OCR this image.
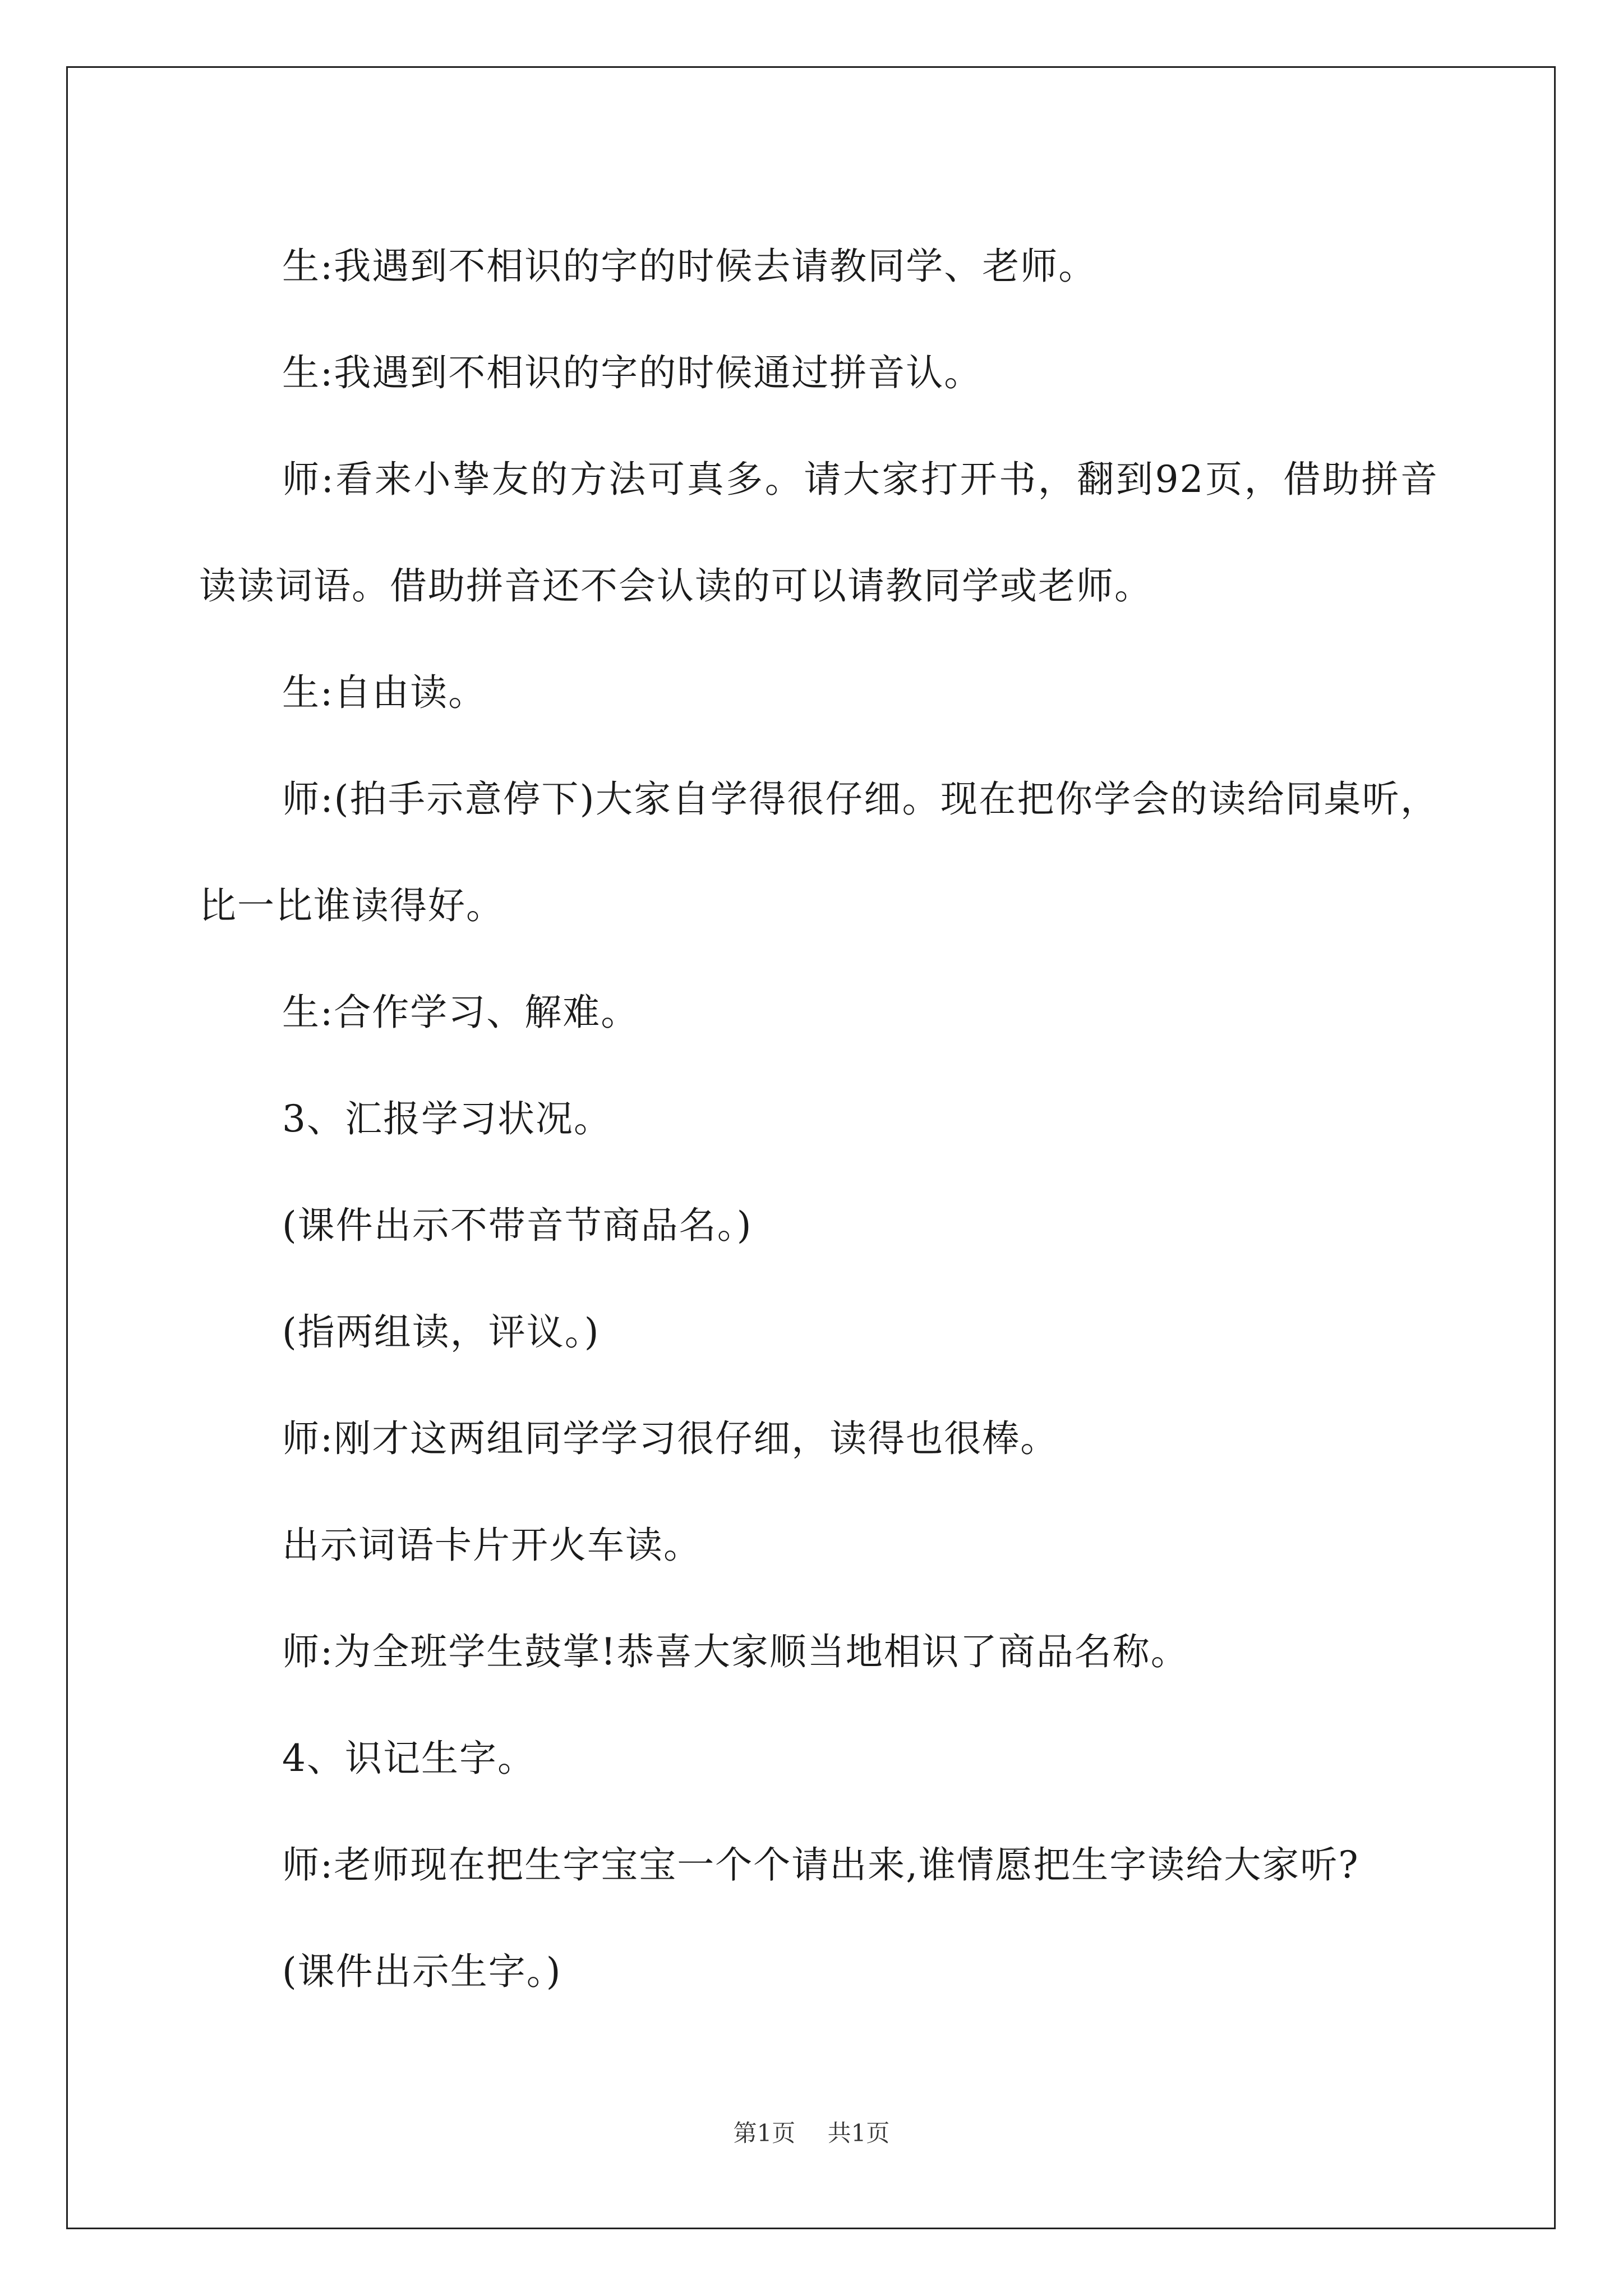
生:我遇到不相识的字的时候去请教同学、老师。

生:我遇到不相识的字的时候通过拼音认。

师:看来小挚友的方法可真多。请大家打开书，翻到92页，借助拼音读读词语。借助拼音还不会认读的可以请教同学或老师。

生:自由读。

师:(拍手示意停下)大家自学得很仔细。现在把你学会的读给同桌听，比一比谁读得好。

生:合作学习、解难。

3、汇报学习状况。

(课件出示不带音节商品名。)

(指两组读，评议。)

师:刚才这两组同学学习很仔细，读得也很棒。

出示词语卡片开火车读。

师:为全班学生鼓掌!恭喜大家顺当地相识了商品名称。

4、识记生字。

师:老师现在把生字宝宝一个个请出来,谁情愿把生字读给大家听?

(课件出示生字。)

第1页 共1页
